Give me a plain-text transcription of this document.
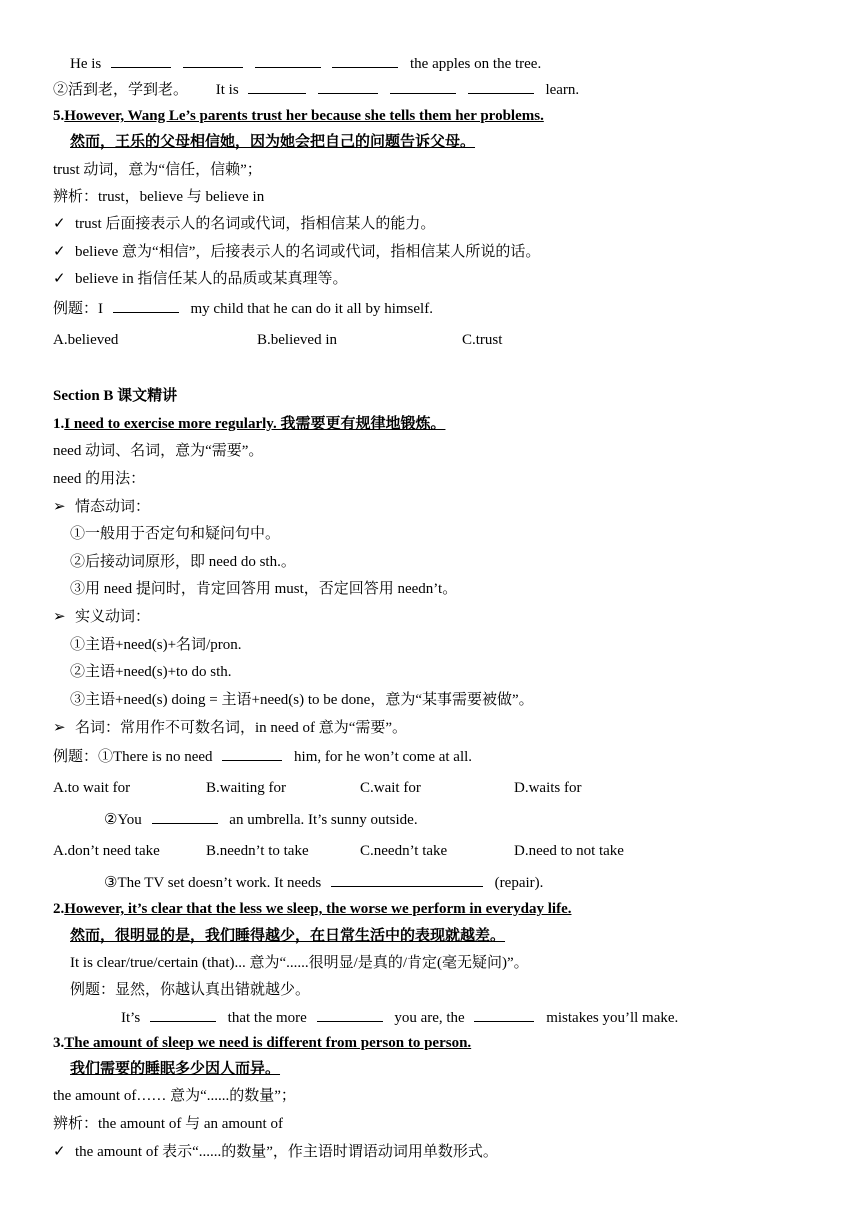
He is	the apples on the tree.
②活到老，学到老。 It is	learn.
5.However, Wang Le’s parents trust her because she tells them her problems.
然而，王乐的父母相信她，因为她会把自己的问题告诉父母。
trust 动词，意为“信任，信赖”；
辨析：trust，believe 与 believe in
✓ trust 后面接表示人的名词或代词，指相信某人的能力。
✓ believe 意为“相信”，后接表示人的名词或代词，指相信某人所说的话。
✓ believe in 指信任某人的品质或某真理等。
例题：I	my child that he can do it all by himself.
A.believed	B.believed in	C.trust
Section B 课文精讲
1.I need to exercise more regularly. 我需要更有规律地锻炼。
need 动词、名词，意为“需要”。
need 的用法：
➢ 情态动词：
①一般用于否定句和疑问句中。
②后接动词原形，即 need do sth.。
③用 need 提问时，肯定回答用 must，否定回答用 needn’t。
➢ 实义动词：
①主语+need(s)+名词/pron.
②主语+need(s)+to do sth.
③主语+need(s) doing = 主语+need(s) to be done，意为“某事需要被做”。
➢ 名词：常用作不可数名词，in need of 意为“需要”。
例题：①There is no need	him, for he won’t come at all.
A.to wait for	B.waiting for	C.wait for	D.waits for
②You	an umbrella. It’s sunny outside.
A.don’t need take	B.needn’t to take	C.needn’t take	D.need to not take
③The TV set doesn’t work. It needs	(repair).
2.However, it’s clear that the less we sleep, the worse we perform in everyday life.
然而，很明显的是，我们睡得越少，在日常生活中的表现就越差。
It is clear/true/certain (that)... 意为“......很明显/是真的/肯定(毫无疑问)”。
例题：显然，你越认真出错就越少。
It’s	that the more	you are, the	mistakes you’ll make.
3.The amount of sleep we need is different from person to person.
我们需要的睡眠多少因人而异。
the amount of…… 意为“......的数量”；
辨析：the amount of 与 an amount of
✓ the amount of 表示“......的数量”，作主语时谓语动词用单数形式。
